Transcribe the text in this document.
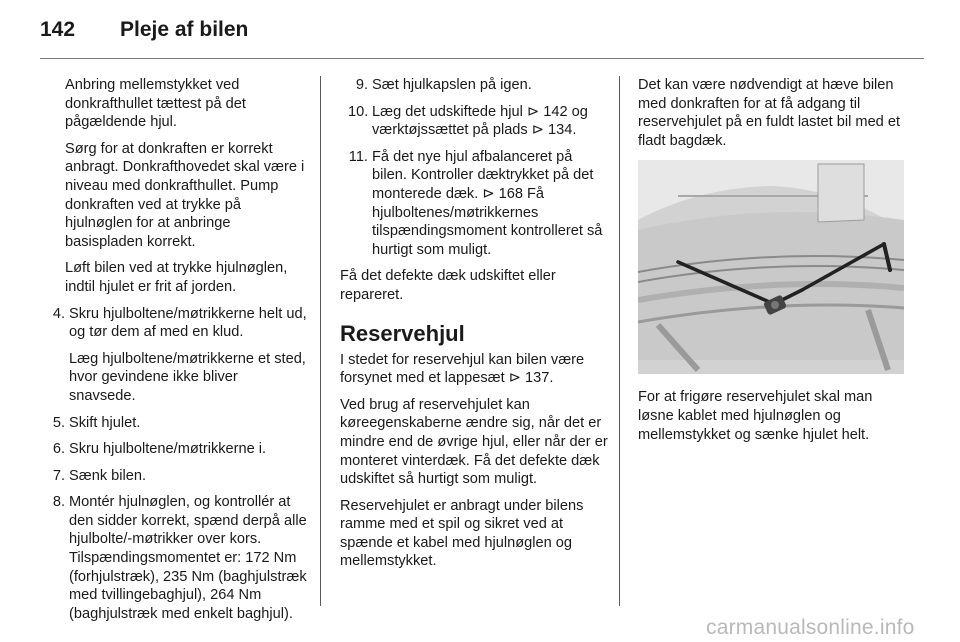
142 Pleje af bilen

Anbring mellemstykket ved donkrafthullet tættest på det pågældende hjul.

Sørg for at donkraften er korrekt anbragt. Donkrafthovedet skal være i niveau med donkrafthullet. Pump donkraften ved at trykke på hjulnøglen for at anbringe basispladen korrekt.

Løft bilen ved at trykke hjulnøglen, indtil hjulet er frit af jorden.

4. Skru hjulboltene/møtrikkerne helt ud, og tør dem af med en klud.
Læg hjulboltene/møtrikkerne et sted, hvor gevindene ikke bliver snavsede.
5. Skift hjulet.
6. Skru hjulboltene/møtrikkerne i.
7. Sænk bilen.
8. Montér hjulnøglen, og kontrollér at den sidder korrekt, spænd derpå alle hjulbolte/-møtrikker over kors. Tilspændingsmomentet er: 172 Nm (forhjulstræk), 235 Nm (baghjulstræk med tvillingebaghjul), 264 Nm (baghjulstræk med enkelt baghjul).
9. Sæt hjulkapslen på igen.
10. Læg det udskiftede hjul ⊳ 142 og værktøjssættet på plads ⊳ 134.
11. Få det nye hjul afbalanceret på bilen. Kontroller dæktrykket på det monterede dæk. ⊳ 168 Få hjulboltenes/møtrikkernes tilspændingsmoment kontrolleret så hurtigt som muligt.

Få det defekte dæk udskiftet eller repareret.

Reservehjul

I stedet for reservehjul kan bilen være forsynet med et lappesæt ⊳ 137.

Ved brug af reservehjulet kan køreegenskaberne ændre sig, når det er mindre end de øvrige hjul, eller når der er monteret vinterdæk. Få det defekte dæk udskiftet så hurtigt som muligt.

Reservehjulet er anbragt under bilens ramme med et spil og sikret ved at spænde et kabel med hjulnøglen og mellemstykket.

Det kan være nødvendigt at hæve bilen med donkraften for at få adgang til reservehjulet på en fuldt lastet bil med et fladt bagdæk.

For at frigøre reservehjulet skal man løsne kablet med hjulnøglen og mellemstykket og sænke hjulet helt.

carmanualsonline.info
